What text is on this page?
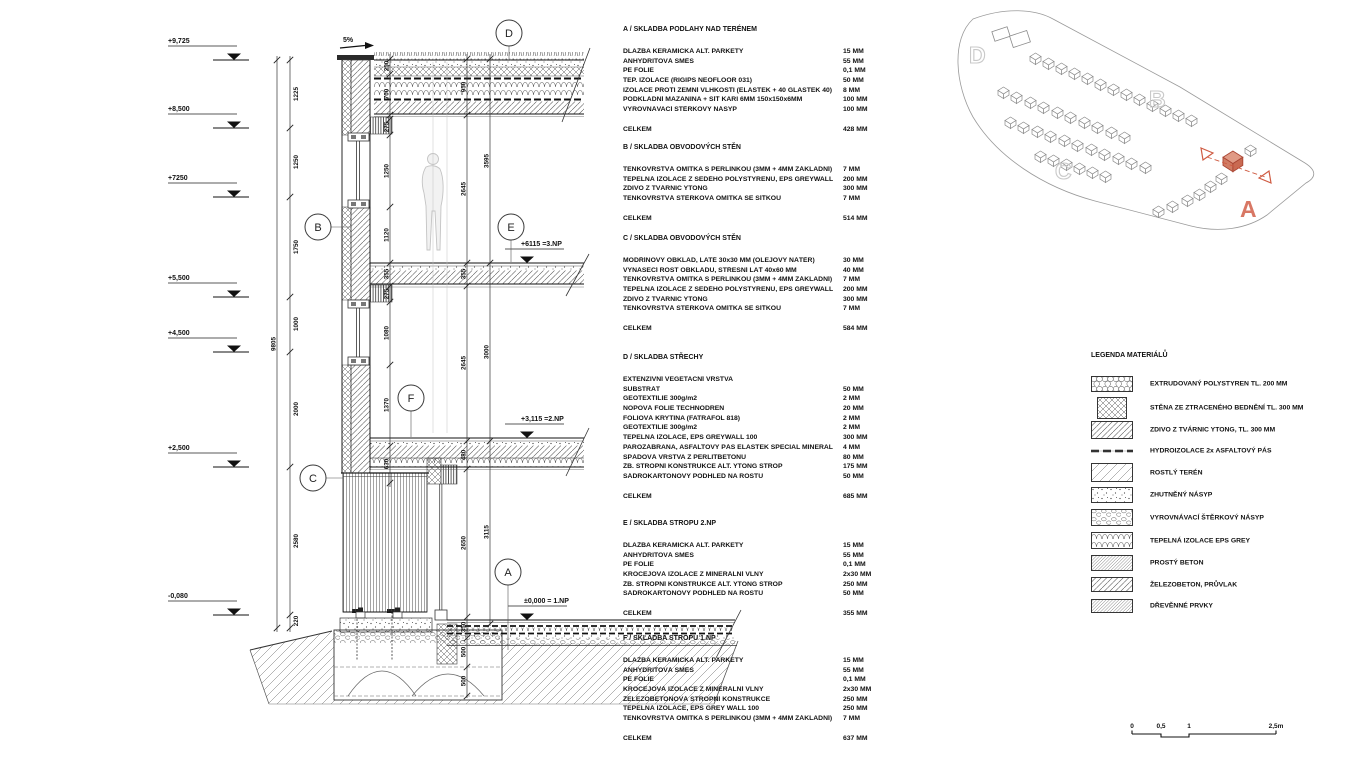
1225
1250
1750
1000
2000
2580
220
9805
250
700
275
1250
1120
355
275
1080
1370
630
950
2645
355
2645
480
2650
350
500
500
3595
3000
3115
+9,725
+8,500
+7250
+5,500
+4,500
+2,500
-0,080
+6115 =3.NP
+3,115 =2.NP
±0,000 = 1.NP
5%
D
B	E
F
C
A
A / SKLADBA PODLAHY NAD TERÉNEM
DLAŽBA KERAMICKÁ ALT. PARKETY	15 MM
ANHYDRITOVÁ SMĚS	55 MM
PE FOLIE	0,1 MM
TEP. IZOLACE (RIGIPS NEOFLOOR 031)	50 MM
IZOLACE PROTI ZEMNÍ VLHKOSTI (ELASTEK + 40 GLASTEK 40)	8 MM
PODKLADNÍ MAZANINA + SÍŤ KARI 6MM 150x150x6MM	100 MM
VYROVNÁVACÍ ŠTĚRKOVÝ NÁSYP	100 MM
CELKEM	428 MM
B / SKLADBA OBVODOVÝCH STĚN
TENKOVRSTVÁ OMÍTKA S PERLINKOU (3MM + 4MM ZÁKLADNÍ)	7 MM
TEPELNÁ IZOLACE Z ŠEDÉHO POLYSTYRENU, EPS GREYWALL	200 MM
ZDIVO Z TVÁRNIC YTONG	300 MM
TENKOVRSTVÁ STĚRKOVÁ OMÍTKA SE SÍŤKOU	7 MM
CELKEM	514 MM
C / SKLADBA OBVODOVÝCH STĚN
MODŘÍNOVÝ OBKLAD, LATĚ 30x30 MM (OLEJOVÝ NÁTĚR)	30 MM
VÝNÁŠECÍ ROŠT OBKLADU, STŘEŠNÍ LAŤ 40x60 MM	40 MM
TENKOVRSTVÁ OMÍTKA S PERLINKOU (3MM + 4MM ZÁKLADNÍ)	7 MM
TEPELNÁ IZOLACE Z ŠEDÉHO POLYSTYRENU, EPS GREYWALL	200 MM
ZDIVO Z TVÁRNIC YTONG	300 MM
TENKOVRSTVÁ STĚRKOVÁ OMÍTKA SE SÍŤKOU	7 MM
CELKEM	584 MM
D / SKLADBA STŘECHY
EXTENZIVNÍ VEGETAČNÍ VRSTVA
SUBSTRÁT	50 MM
GEOTEXTILIE 300g/m2	2 MM
NOPOVÁ FOLIE TECHNODREN	20 MM
FOLIOVÁ KRYTINA (FATRAFOL 818)	2 MM
GEOTEXTILIE 300g/m2	2 MM
TEPELNÁ IZOLACE, EPS GREYWALL 100	300 MM
PAROZÁBRANA, ASFALTOVÝ PÁS ELASTEK SPECIAL MINERAL	4 MM
SPÁDOVÁ VRSTVA Z PERLITBETONU	80 MM
ŽB. STROPNÍ KONSTRUKCE ALT. YTONG STROP	175 MM
SÁDROKARTONOVÝ PODHLED NA ROŠTU	50 MM
CELKEM	685 MM
E / SKLADBA STROPU 2.NP
DLAŽBA KERAMICKÁ ALT. PARKETY	15 MM
ANHYDRITOVÁ SMĚS	55 MM
PE FOLIE	0,1 MM
KROČEJOVÁ IZOLACE Z MINERÁLNÍ VLNY	2x30 MM
ŽB. STROPNÍ KONSTRUKCE ALT. YTONG STROP	250 MM
SÁDROKARTONOVÝ PODHLED NA ROŠTU	50 MM
CELKEM	355 MM
F / SKLADBA STROPU 1.NP
DLAŽBA KERAMICKÁ ALT. PARKETY	15 MM
ANHYDRITOVÁ SMĚS	55 MM
PE FOLIE	0,1 MM
KROČEJOVÁ IZOLACE Z MINERÁLNÍ VLNY	2x30 MM
ŽELEZOBETONOVÁ STROPNÍ KONSTRUKCE	250 MM
TEPELNÁ IZOLACE, EPS GREY WALL 100	250 MM
TENKOVRSTVÁ OMÍTKA S PERLINKOU (3MM + 4MM ZÁKLADNÍ)	7 MM
CELKEM	637 MM
D
B
C
A
LEGENDA MATERIÁLŮ
EXTRUDOVANÝ POLYSTYREN TL. 200 MM
STĚNA ZE ZTRACENÉHO BEDNĚNÍ TL. 300 MM
ZDIVO Z TVÁRNIC YTONG, TL. 300 MM
HYDROIZOLACE 2x ASFALTOVÝ PÁS
ROSTLÝ TERÉN
ZHUTNĚNÝ NÁSYP
VYROVNÁVACÍ ŠTĚRKOVÝ NÁSYP
TEPELNÁ IZOLACE EPS GREY
PROSTÝ BETON
ŽELEZOBETON, PRŮVLAK
DŘEVĚNNÉ PRVKY
0	0,5	1	2,5m
